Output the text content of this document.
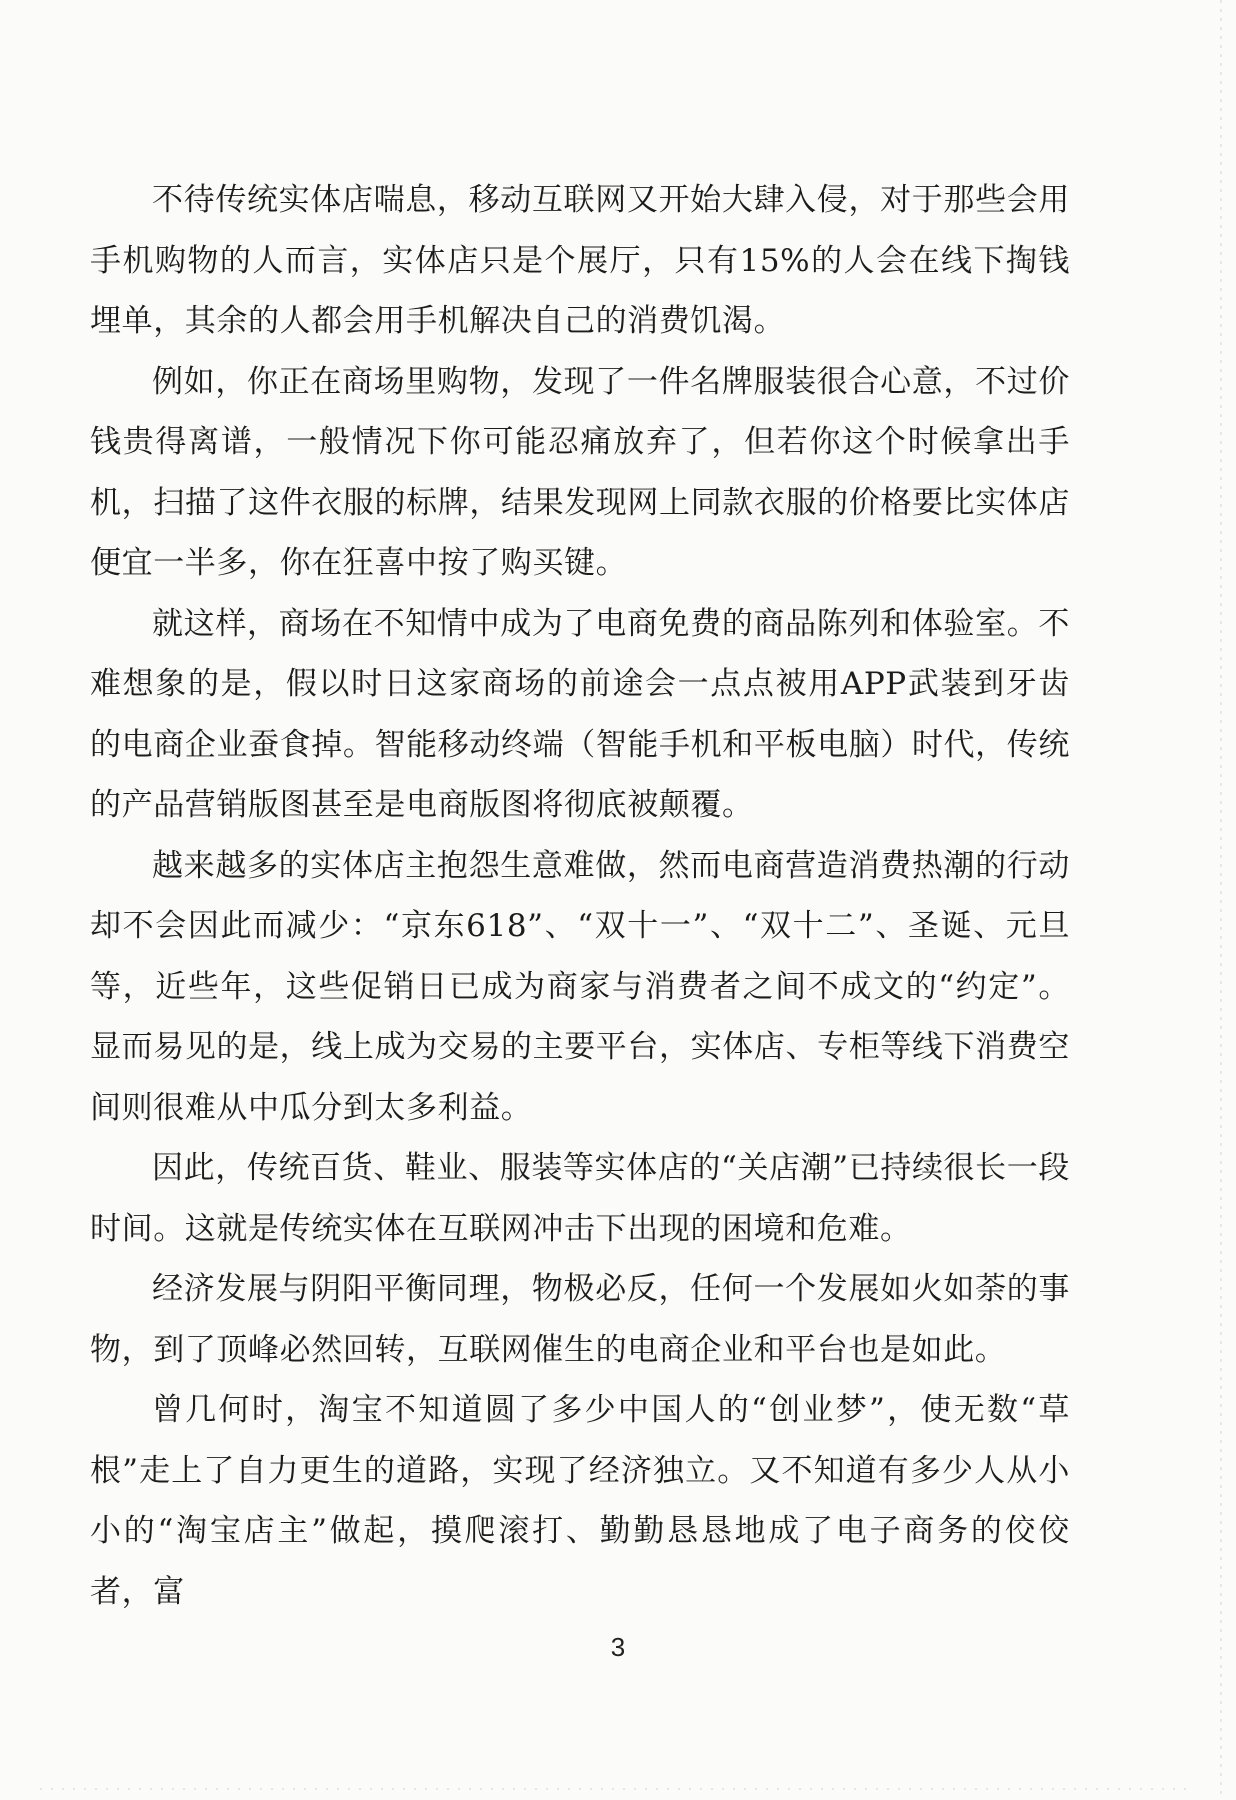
不待传统实体店喘息，移动互联网又开始大肆入侵，对于那些会用手机购物的人而言，实体店只是个展厅，只有15%的人会在线下掏钱埋单，其余的人都会用手机解决自己的消费饥渴。

例如，你正在商场里购物，发现了一件名牌服装很合心意，不过价钱贵得离谱，一般情况下你可能忍痛放弃了，但若你这个时候拿出手机，扫描了这件衣服的标牌，结果发现网上同款衣服的价格要比实体店便宜一半多，你在狂喜中按了购买键。

就这样，商场在不知情中成为了电商免费的商品陈列和体验室。不难想象的是，假以时日这家商场的前途会一点点被用APP武装到牙齿的电商企业蚕食掉。智能移动终端（智能手机和平板电脑）时代，传统的产品营销版图甚至是电商版图将彻底被颠覆。

越来越多的实体店主抱怨生意难做，然而电商营造消费热潮的行动却不会因此而减少：“京东618”、“双十一”、“双十二”、圣诞、元旦等，近些年，这些促销日已成为商家与消费者之间不成文的“约定”。显而易见的是，线上成为交易的主要平台，实体店、专柜等线下消费空间则很难从中瓜分到太多利益。

因此，传统百货、鞋业、服装等实体店的“关店潮”已持续很长一段时间。这就是传统实体在互联网冲击下出现的困境和危难。

经济发展与阴阳平衡同理，物极必反，任何一个发展如火如荼的事物，到了顶峰必然回转，互联网催生的电商企业和平台也是如此。

曾几何时，淘宝不知道圆了多少中国人的“创业梦”，使无数“草根”走上了自力更生的道路，实现了经济独立。又不知道有多少人从小小的“淘宝店主”做起，摸爬滚打、勤勤恳恳地成了电子商务的佼佼者，富

3
